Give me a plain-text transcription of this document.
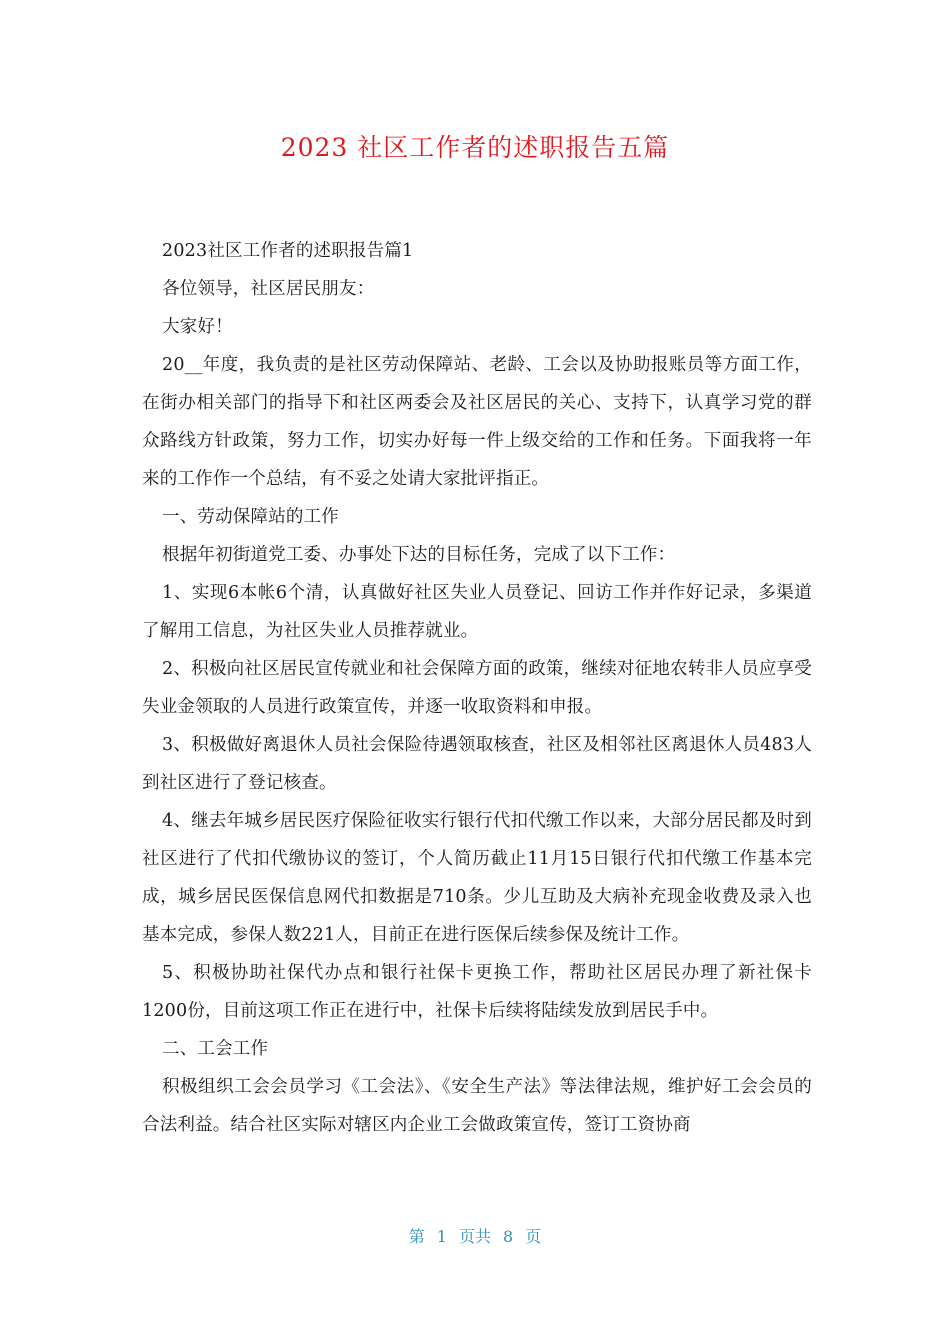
2023 社区工作者的述职报告五篇

2023社区工作者的述职报告篇1

各位领导，社区居民朋友：

大家好！

20__年度，我负责的是社区劳动保障站、老龄、工会以及协助报账员等方面工作，在街办相关部门的指导下和社区两委会及社区居民的关心、支持下，认真学习党的群众路线方针政策，努力工作，切实办好每一件上级交给的工作和任务。下面我将一年来的工作作一个总结，有不妥之处请大家批评指正。

一、劳动保障站的工作

根据年初街道党工委、办事处下达的目标任务，完成了以下工作：

1、实现6本帐6个清，认真做好社区失业人员登记、回访工作并作好记录，多渠道了解用工信息，为社区失业人员推荐就业。

2、积极向社区居民宣传就业和社会保障方面的政策，继续对征地农转非人员应享受失业金领取的人员进行政策宣传，并逐一收取资料和申报。

3、积极做好离退休人员社会保险待遇领取核查，社区及相邻社区离退休人员483人到社区进行了登记核查。

4、继去年城乡居民医疗保险征收实行银行代扣代缴工作以来，大部分居民都及时到社区进行了代扣代缴协议的签订，个人简历截止11月15日银行代扣代缴工作基本完成，城乡居民医保信息网代扣数据是710条。少儿互助及大病补充现金收费及录入也基本完成，参保人数221人，目前正在进行医保后续参保及统计工作。

5、积极协助社保代办点和银行社保卡更换工作，帮助社区居民办理了新社保卡1200份，目前这项工作正在进行中，社保卡后续将陆续发放到居民手中。

二、工会工作

积极组织工会会员学习《工会法》、《安全生产法》等法律法规，维护好工会会员的合法利益。结合社区实际对辖区内企业工会做政策宣传，签订工资协商

第 1 页共 8 页
